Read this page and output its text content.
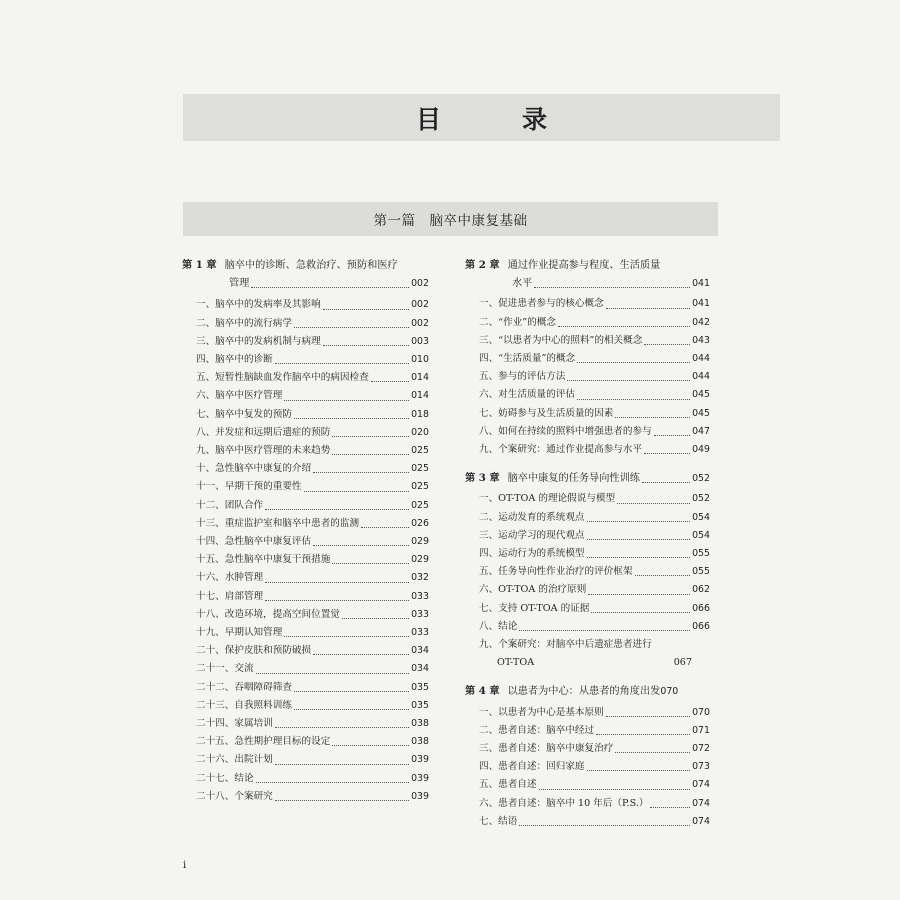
目　录
第一篇　脑卒中康复基础
第 1 章 脑卒中的诊断、急救治疗、预防和医疗
管理	002
一、脑卒中的发病率及其影响	002
二、脑卒中的流行病学	002
三、脑卒中的发病机制与病理	003
四、脑卒中的诊断	010
五、短暂性脑缺血发作脑卒中的病因检查	014
六、脑卒中医疗管理	014
七、脑卒中复发的预防	018
八、并发症和远期后遗症的预防	020
九、脑卒中医疗管理的未来趋势	025
十、急性脑卒中康复的介绍	025
十一、早期干预的重要性	025
十二、团队合作	025
十三、重症监护室和脑卒中患者的监测	026
十四、急性脑卒中康复评估	029
十五、急性脑卒中康复干预措施	029
十六、水肿管理	032
十七、肩部管理	033
十八、改造环境，提高空间位置觉	033
十九、早期认知管理	033
二十、保护皮肤和预防破损	034
二十一、交流	034
二十二、吞咽障碍筛查	035
二十三、自我照料训练	035
二十四、家属培训	038
二十五、急性期护理目标的设定	038
二十六、出院计划	039
二十七、结论	039
二十八、个案研究	039
第 2 章 通过作业提高参与程度、生活质量
水平	041
一、促进患者参与的核心概念	041
二、“作业”的概念	042
三、“以患者为中心的照料”的相关概念	043
四、“生活质量”的概念	044
五、参与的评估方法	044
六、对生活质量的评估	045
七、妨碍参与及生活质量的因素	045
八、如何在持续的照料中增强患者的参与	047
九、个案研究：通过作业提高参与水平	049
第 3 章 脑卒中康复的任务导向性训练	052
一、OT-TOA 的理论假说与模型	052
二、运动发育的系统观点	054
三、运动学习的现代观点	054
四、运动行为的系统模型	055
五、任务导向性作业治疗的评价框架	055
六、OT-TOA 的治疗原则	062
七、支持 OT-TOA 的证据	066
八、结论	066
九、个案研究：对脑卒中后遗症患者进行
OT-TOA	067
第 4 章 以患者为中心：从患者的角度出发 070
一、以患者为中心是基本原则	070
二、患者自述：脑卒中经过	071
三、患者自述：脑卒中康复治疗	072
四、患者自述：回归家庭	073
五、患者自述	074
六、患者自述：脑卒中 10 年后（P.S.）	074
七、结语	074
i
